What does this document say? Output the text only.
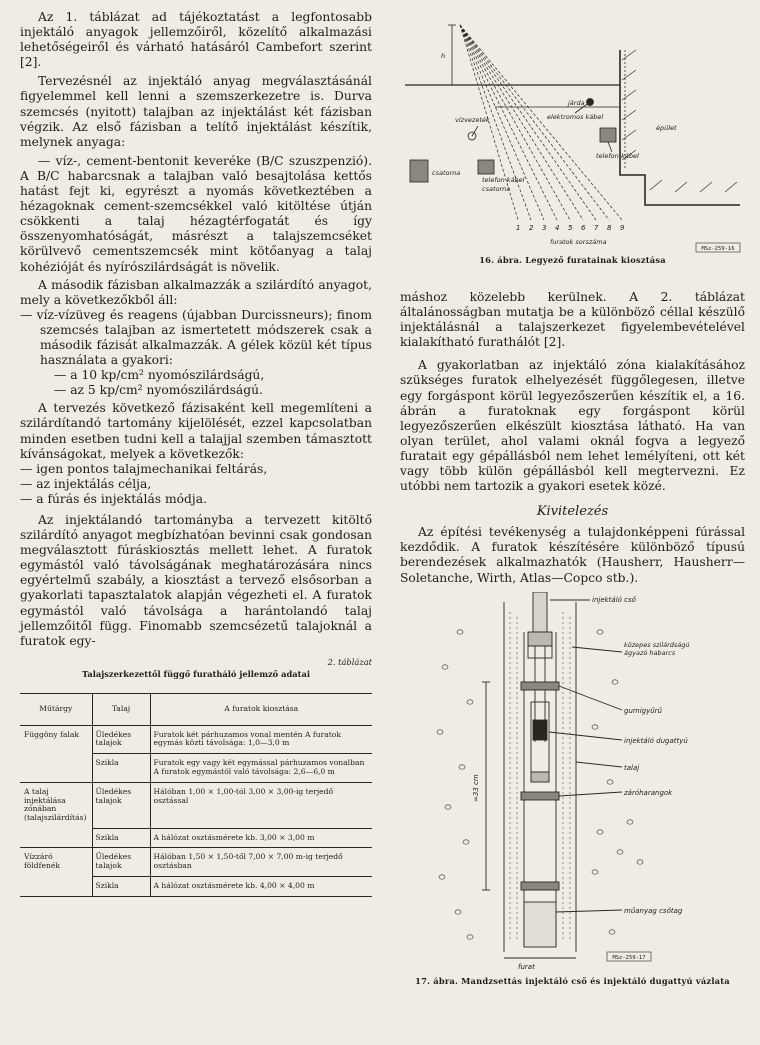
Az 1. táblázat ad tájékoztatást a legfontosabb injektáló anyagok jellemzőiről, közelítő alkalmazási lehetőségeiről és várható hatásáról Cambefort szerint [2].

Tervezésnél az injektáló anyag megválasztásánál figyelemmel kell lenni a szemszerkezetre is. Durva szemcsés (nyitott) talajban az injektálást két fázisban végzik. Az első fázisban a telítő injektálást készítik, melynek anyaga:

— víz-, cement-bentonit keveréke (B/C szuszpenzió). A B/C habarcsnak a talajban való besajtolása kettős hatást fejt ki, egyrészt a nyomás következtében a hézagoknak cement-szemcsékkel való kitöltése útján csökkenti a talaj hézagtérfogatát és így összenyomhatóságát, másrészt a talajszemcséket körülvevő cementszemcsék mint kötőanyag a talaj kohézióját és nyírószilárdságát is növelik.

A második fázisban alkalmazzák a szilárdító anyagot, mely a következőkből áll:

— víz-vízüveg és reagens (újabban Durcissneurs); finom szemcsés talajban az ismertetett módszerek csak a második fázisát alkalmazzák. A gélek közül két típus használata a gyakori:
— a 10 kp/cm² nyomószilárdságú,
— az 5 kp/cm² nyomószilárdságú.

A tervezés következő fázisaként kell megemlíteni a szilárdítandó tartomány kijelölését, ezzel kapcsolatban minden esetben tudni kell a talajjal szemben támasztott kívánságokat, melyek a következők:

— igen pontos talajmechanikai feltárás,
— az injektálás célja,
— a fúrás és injektálás módja.

Az injektálandó tartományba a tervezett kitöltő szilárdító anyagot megbízhatóan bevinni csak gondosan megválasztott fúráskiosztás mellett lehet. A furatok egymástól való távolságának meghatározására nincs egyértelmű szabály, a kiosztást a tervező elsősorban a gyakorlati tapasztalatok alapján végezheti el. A furatok egymástól való távolsága a harántolandó talaj jellemzőitől függ. Finomabb szemcsézetű talajoknál a furatok egy-

2. táblázat
Talajszerkezettől függő furatháló jellemző adatai
Műtárgy	Talaj	A furatok kiosztása
Függöny falak	Üledékes talajok	Furatok két párhuzamos vonal mentén A furatok egymás közti távolsága: 1,0—3,0 m
	Szikla	Furatok egy vagy két egymással párhuzamos vonalban A furatok egymástól való távolsága: 2,6—6,0 m
A talaj injektálása zónában (talajszilárdítás)	Üledékes talajok	Hálóban 1,00 × 1,00-tól 3,00 × 3,00-ig terjedő osztással
	Szikla	A hálózat osztásmérete kb. 3,00 × 3,00 m
Vízzáró földfenék	Üledékes talajok	Hálóban 1,50 × 1,50-től 7,00 × 7,00 m-ig terjedő osztásban
	Szikla	A hálózat osztásmérete kb. 4,00 × 4,00 m
h
járda
elektromos kábel
vízvezeték
épület
telefon-kábel
csatorna
telefon kábel
csatorna
furatok sorszáma
1 2 3 4 5 6 7 8 9
MSz-259-16
16. ábra. Legyező furatainak kiosztása

máshoz közelebb kerülnek. A 2. táblázat általánosságban mutatja be a különböző céllal készülő injektálásnál a talajszerkezet figyelembevételével kialakítható furathálót [2].

A gyakorlatban az injektáló zóna kialakításához szükséges furatok elhelyezését függőlegesen, illetve egy forgáspont körül legyezőszerűen készítik el, a 16. ábrán a furatoknak egy forgáspont körül legyezőszerűen elkészült kiosztása látható. Ha van olyan terület, ahol valami oknál fogva a legyező furatait egy gépállásból nem lehet lemélyíteni, ott két vagy több külön gépállásból kell megtervezni. Ez utóbbi nem tartozik a gyakori esetek közé.

Kivitelezés

Az építési tevékenység a tulajdonképpeni fúrással kezdődik. A furatok készítésére különböző típusú berendezések alkalmazhatók (Hausherr, Hausherr—Soletanche, Wirth, Atlas—Copco stb.).

injektáló cső
közepes szilárdságú ágyazó habarcs
gumigyűrű
injektáló dugattyú
talaj
záróharangok
műanyag csőtag
≈33 cm
furat
MSz-259-17
17. ábra. Mandzsettás injektáló cső és injektáló dugattyú vázlata
